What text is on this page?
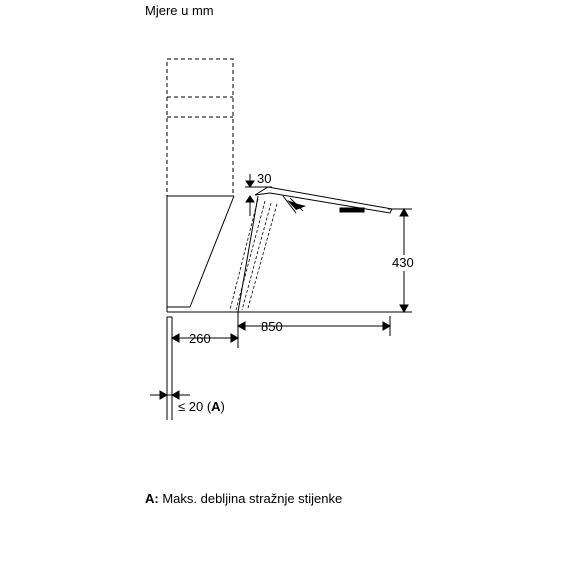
Mjere u mm
30
430
260
850
≤ 20 (A)
A: Maks. debljina stražnje stijenke
